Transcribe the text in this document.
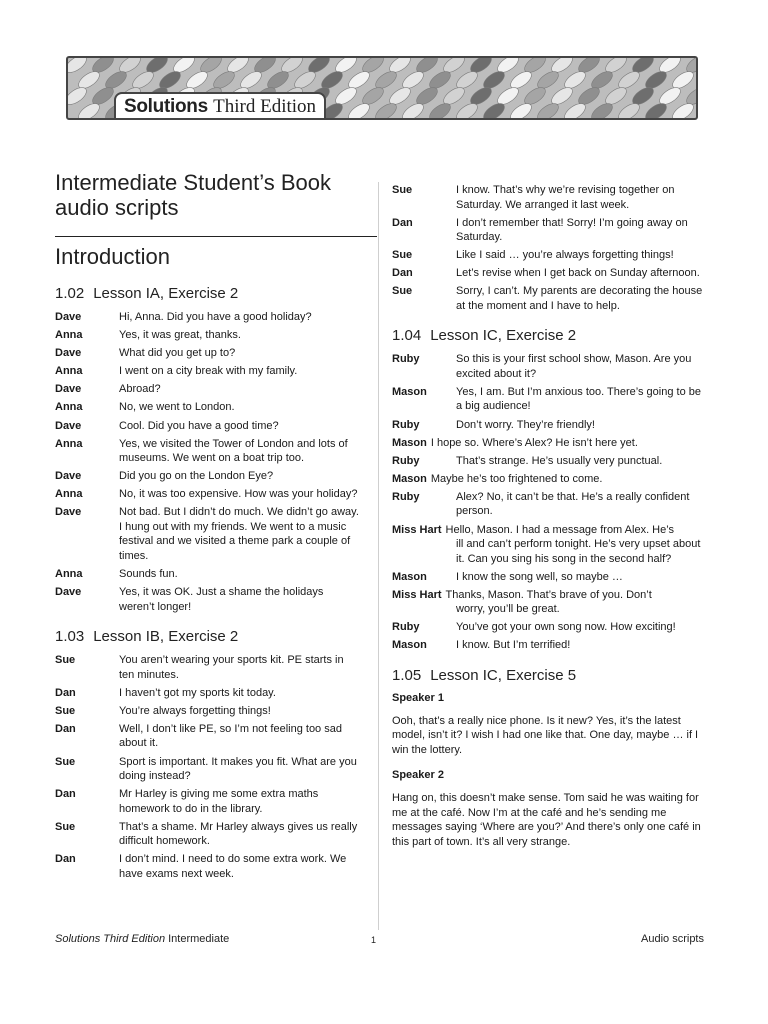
Solutions Third Edition
Intermediate Student’s Book audio scripts
Introduction
1.02 Lesson IA, Exercise 2
Dave	Hi, Anna. Did you have a good holiday?
Anna	Yes, it was great, thanks.
Dave	What did you get up to?
Anna	I went on a city break with my family.
Dave	Abroad?
Anna	No, we went to London.
Dave	Cool. Did you have a good time?
Anna	Yes, we visited the Tower of London and lots of museums. We went on a boat trip too.
Dave	Did you go on the London Eye?
Anna	No, it was too expensive. How was your holiday?
Dave	Not bad. But I didn’t do much. We didn’t go away. I hung out with my friends. We went to a music festival and we visited a theme park a couple of times.
Anna	Sounds fun.
Dave	Yes, it was OK. Just a shame the holidays weren’t longer!
1.03 Lesson IB, Exercise 2
Sue	You aren’t wearing your sports kit. PE starts in ten minutes.
Dan	I haven’t got my sports kit today.
Sue	You’re always forgetting things!
Dan	Well, I don’t like PE, so I’m not feeling too sad about it.
Sue	Sport is important. It makes you fit. What are you doing instead?
Dan	Mr Harley is giving me some extra maths homework to do in the library.
Sue	That’s a shame. Mr Harley always gives us really difficult homework.
Dan	I don’t mind. I need to do some extra work. We have exams next week.
Sue	I know. That’s why we’re revising together on Saturday. We arranged it last week.
Dan	I don’t remember that! Sorry! I’m going away on Saturday.
Sue	Like I said … you’re always forgetting things!
Dan	Let’s revise when I get back on Sunday afternoon.
Sue	Sorry, I can’t. My parents are decorating the house at the moment and I have to help.
1.04 Lesson IC, Exercise 2
Ruby	So this is your first school show, Mason. Are you excited about it?
Mason	Yes, I am. But I’m anxious too. There’s going to be a big audience!
Ruby	Don’t worry. They’re friendly!
Mason I hope so. Where’s Alex? He isn’t here yet.
Ruby	That’s strange. He’s usually very punctual.
Mason Maybe he’s too frightened to come.
Ruby	Alex? No, it can’t be that. He’s a really confident person.
Miss Hart Hello, Mason. I had a message from Alex. He’s
ill and can’t perform tonight. He’s very upset about it. Can you sing his song in the second half?
Mason	I know the song well, so maybe …
Miss Hart Thanks, Mason. That’s brave of you. Don’t
worry, you’ll be great.
Ruby	You’ve got your own song now. How exciting!
Mason	I know. But I’m terrified!
1.05 Lesson IC, Exercise 5
Speaker 1
Ooh, that’s a really nice phone. Is it new? Yes, it’s the latest model, isn’t it? I wish I had one like that. One day, maybe … if I win the lottery.
Speaker 2
Hang on, this doesn’t make sense. Tom said he was waiting for me at the café. Now I’m at the café and he’s sending me messages saying ‘Where are you?’ And there’s only one café in this part of town. It’s all very strange.
Solutions Third Edition Intermediate	1	Audio scripts
